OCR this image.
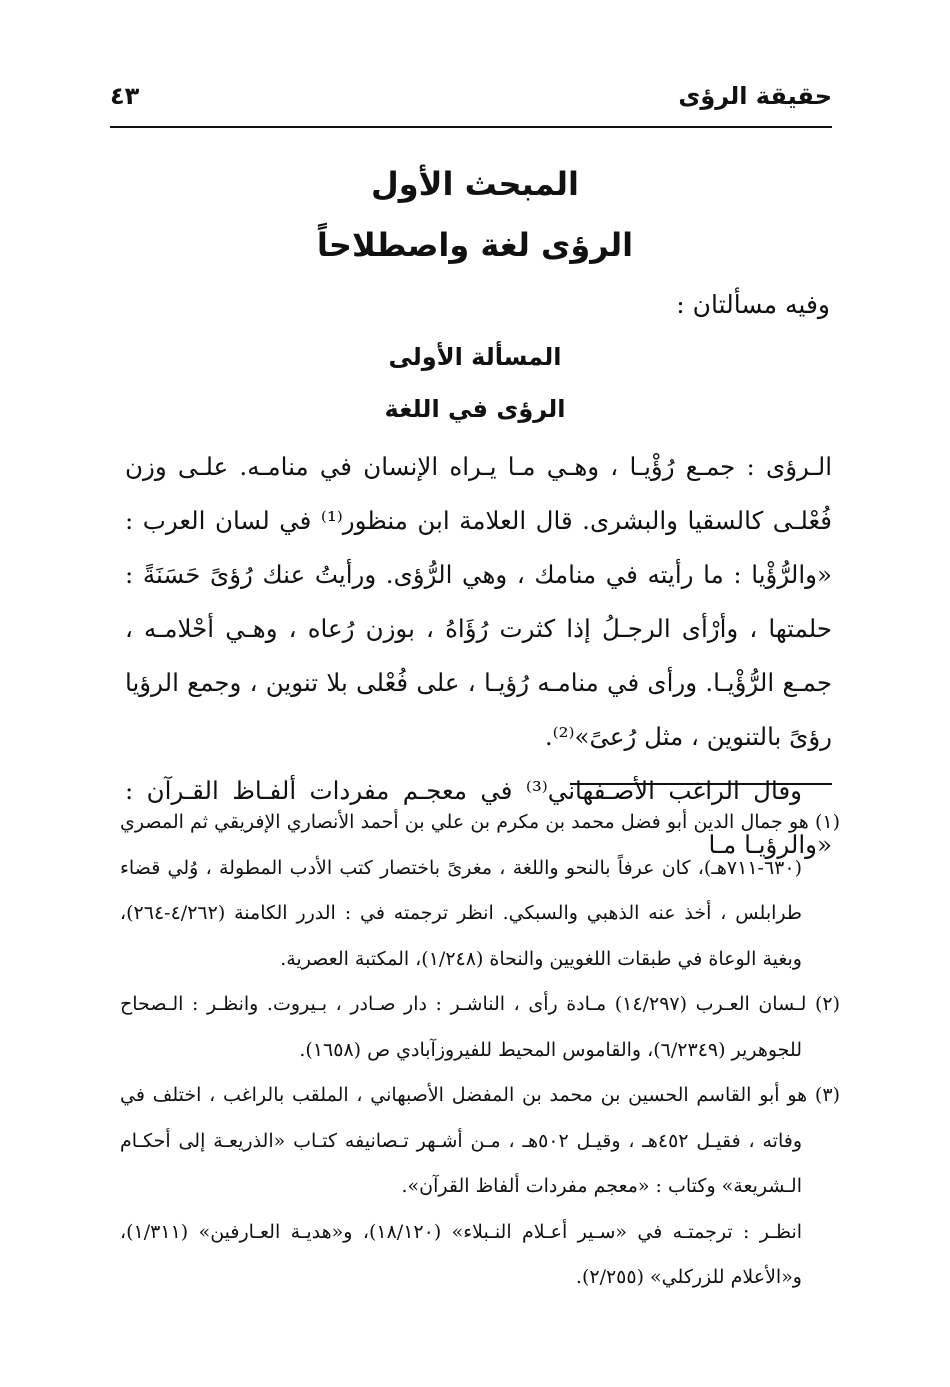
حقيقة الرؤى
٤٣
المبحث الأول
الرؤى لغة واصطلاحاً
وفيه مسألتان :
المسألة الأولى
الرؤى في اللغة

الـرؤى : جمـع رُؤْيـا ، وهـي مـا يـراه الإنسان في منامـه. علـى وزن فُعْلـى كالسقيا والبشرى. قال العلامة ابن منظور⁽¹⁾ في لسان العرب : «والرُّؤْيا : ما رأيته في منامك ، وهي الرُّؤى. ورأيتُ عنك رُؤىً حَسَنَةً : حلمتها ، وأرْأى الرجـلُ إذا كثرت رُؤَاهُ ، بوزن رُعاه ، وهـي أحْلامـه ، جمـع الرُّؤْيـا. ورأى في منامـه رُؤيـا ، على فُعْلى بلا تنوين ، وجمع الرؤيا رؤىً بالتنوين ، مثل رُعىً»⁽²⁾.

وقال الراغب الأصـفهاني⁽³⁾ في معجـم مفردات ألفـاظ القـرآن : «والرؤيـا مـا

(١) هو جمال الدين أبو فضل محمد بن مكرم بن علي بن أحمد الأنصاري الإفريقي ثم المصري (٦٣٠-٧١١هـ)، كان عرفاً بالنحو واللغة ، مغرىً باختصار كتب الأدب المطولة ، وُلي قضاء طرابلس ، أخذ عنه الذهبي والسبكي. انظر ترجمته في : الدرر الكامنة (٤/٢٦٢-٢٦٤)، وبغية الوعاة في طبقات اللغويين والنحاة (١/٢٤٨)، المكتبة العصرية.

(٢) لـسان العـرب (١٤/٢٩٧) مـادة رأى ، الناشـر : دار صـادر ، بـيروت. وانظـر : الـصحاح للجوهرير (٦/٢٣٤٩)، والقاموس المحيط للفيروزآبادي ص (١٦٥٨).

(٣) هو أبو القاسم الحسين بن محمد بن المفضل الأصبهاني ، الملقب بالراغب ، اختلف في وفاته ، فقيـل ٤٥٢هـ ، وقيـل ٥٠٢هـ ، مـن أشـهر تـصانيفه كتـاب «الذريعـة إلى أحكـام الـشريعة» وكتاب : «معجم مفردات ألفاظ القرآن».

انظـر : ترجمتـه في «سـير أعـلام النـبلاء» (١٨/١٢٠)، و«هديـة العـارفين» (١/٣١١)، و«الأعلام للزركلي» (٢/٢٥٥).
